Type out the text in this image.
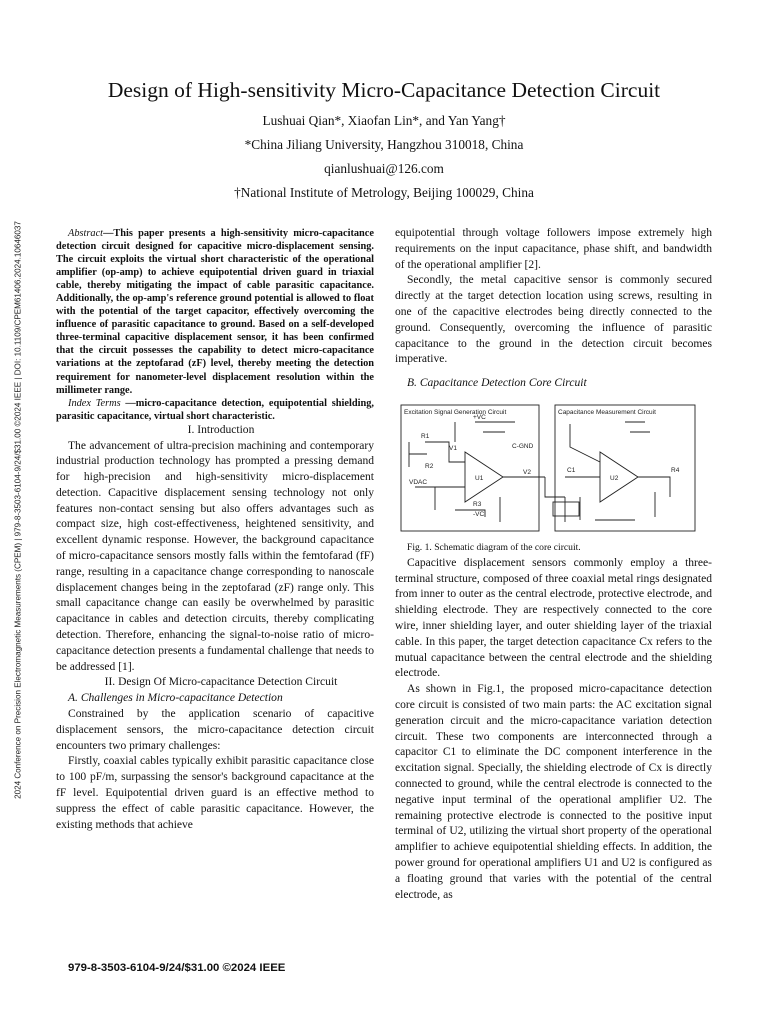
2024 Conference on Precision Electromagnetic Measurements (CPEM) | 979-8-3503-6104-9/24/$31.00 ©2024 IEEE | DOI: 10.1109/CPEM61406.2024.10646037
Design of High-sensitivity Micro-Capacitance Detection Circuit
Lushuai Qian*, Xiaofan Lin*, and Yan Yang†
*China Jiliang University, Hangzhou 310018, China
qianlushuai@126.com
†National Institute of Metrology, Beijing 100029, China

Abstract—This paper presents a high-sensitivity micro-capacitance detection circuit designed for capacitive micro-displacement sensing. The circuit exploits the virtual short characteristic of the operational amplifier (op-amp) to achieve equipotential driven guard in triaxial cable, thereby mitigating the impact of cable parasitic capacitance. Additionally, the op-amp's reference ground potential is allowed to float with the potential of the target capacitor, effectively overcoming the influence of parasitic capacitance to ground. Based on a self-developed three-terminal capacitive displacement sensor, it has been confirmed that the circuit possesses the capability to detect micro-capacitance variations at the zeptofarad (zF) level, thereby meeting the detection requirement for nanometer-level displacement resolution within the millimeter range.

Index Terms —micro-capacitance detection, equipotential shielding, parasitic capacitance, virtual short characteristic.

I. Introduction

The advancement of ultra-precision machining and contemporary industrial production technology has prompted a pressing demand for high-precision and high-sensitivity micro-displacement detection. Capacitive displacement sensing technology not only features non-contact sensing but also offers advantages such as compact size, high cost-effectiveness, heightened sensitivity, and excellent dynamic response. However, the background capacitance of micro-capacitance sensors mostly falls within the femtofarad (fF) range, resulting in a capacitance change corresponding to nanoscale displacement changes being in the zeptofarad (zF) range only. This small capacitance change can easily be overwhelmed by parasitic capacitance in cables and detection circuits, thereby complicating detection. Therefore, enhancing the signal-to-noise ratio of micro-capacitance detection presents a fundamental challenge that needs to be addressed [1].

II. Design Of Micro-capacitance Detection Circuit

A. Challenges in Micro-capacitance Detection

Constrained by the application scenario of capacitive displacement sensors, the micro-capacitance detection circuit encounters two primary challenges:

Firstly, coaxial cables typically exhibit parasitic capacitance close to 100 pF/m, surpassing the sensor's background capacitance at the fF level. Equipotential driven guard is an effective method to suppress the effect of cable parasitic capacitance. However, the existing methods that achieve

equipotential through voltage followers impose extremely high requirements on the input capacitance, phase shift, and bandwidth of the operational amplifier [2].

Secondly, the metal capacitive sensor is commonly secured directly at the target detection location using screws, resulting in one of the capacitive electrodes being directly connected to the ground. Consequently, overcoming the influence of parasitic capacitance to the ground in the detection circuit becomes imperative.

B. Capacitance Detection Core Circuit

Excitation Signal Generation Circuit	Capacitance Measurement Circuit
+VC
-VC
C-GND
VDAC
U1	U2
V1
V2
R1
R2
R3
R4
C1

Fig. 1. Schematic diagram of the core circuit.

Capacitive displacement sensors commonly employ a three-terminal structure, composed of three coaxial metal rings designated from inner to outer as the central electrode, protective electrode, and shielding electrode. They are respectively connected to the core wire, inner shielding layer, and outer shielding layer of the triaxial cable. In this paper, the target detection capacitance Cx refers to the mutual capacitance between the central electrode and the shielding electrode.

As shown in Fig.1, the proposed micro-capacitance detection core circuit is consisted of two main parts: the AC excitation signal generation circuit and the micro-capacitance variation detection circuit. These two components are interconnected through a capacitor C1 to eliminate the DC component interference in the excitation signal. Specially, the shielding electrode of Cx is directly connected to ground, while the central electrode is connected to the negative input terminal of the operational amplifier U2. The remaining protective electrode is connected to the positive input terminal of U2, utilizing the virtual short property of the operational amplifier to achieve equipotential shielding effects. In addition, the power ground for operational amplifiers U1 and U2 is configured as a floating ground that varies with the potential of the central electrode, as

979-8-3503-6104-9/24/$31.00 ©2024 IEEE
